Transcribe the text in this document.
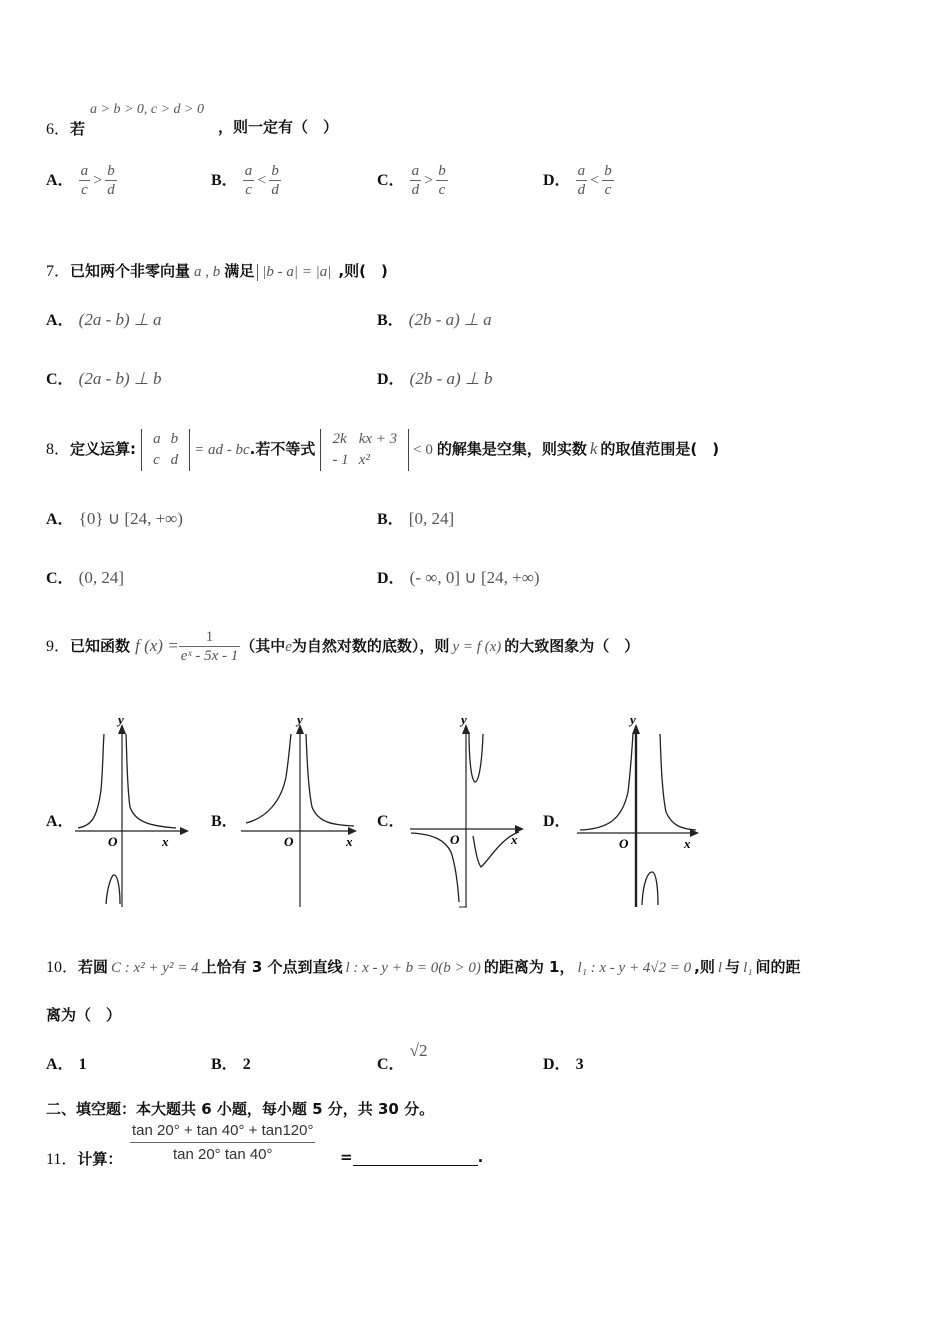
6．若
a > b > 0, c > d > 0
，则一定有（　）
A． $\frac{a}{c} > \frac{b}{d}$	B． $\frac{a}{c} < \frac{b}{d}$	C． $\frac{a}{d} > \frac{b}{c}$	D． $\frac{a}{d} < \frac{b}{c}$
7．已知两个非零向量 a , b 满足 |b - a| = |a| ,则(　)
A． (2a - b) ⊥ a	B． (2b - a) ⊥ a
C． (2a - b) ⊥ b	D． (2b - a) ⊥ b
8．定义运算:
a	b
c	d
= ad - bc.若不等式
2k	kx + 3
- 1	x²
< 0 的解集是空集，则实数 k 的取值范围是(　)
A． {0} ∪ [24, +∞)	B． [0, 24]
C． (0, 24]	D． (- ∞, 0] ∪ [24, +∞)
9．已知函数 f $(x) = \frac{1}{\text{eˣ - 5x - 1}}$ （其中e为自然对数的底数），则 y = f (x) 的大致图象为（　）
A．
y
x
O
B．
y
x
O
C．
y
x
O
D．
y
x
O
10．若圆 C : x² + y² = 4 上恰有 3 个点到直线 l : x - y + b = 0(b > 0) 的距离为 1， l₁ : x - y + 4√2 = 0 ,则 l 与 l₁ 间的距
离为（　）
A． 1	B． 2	C． √2
D． 3
二、填空题：本大题共 6 小题，每小题 5 分，共 30 分。
11．计算： $\frac{\tan 20^\circ + \tan 40^\circ + \tan 120^\circ}{\tan 20^\circ \tan 40^\circ}$ =	.
